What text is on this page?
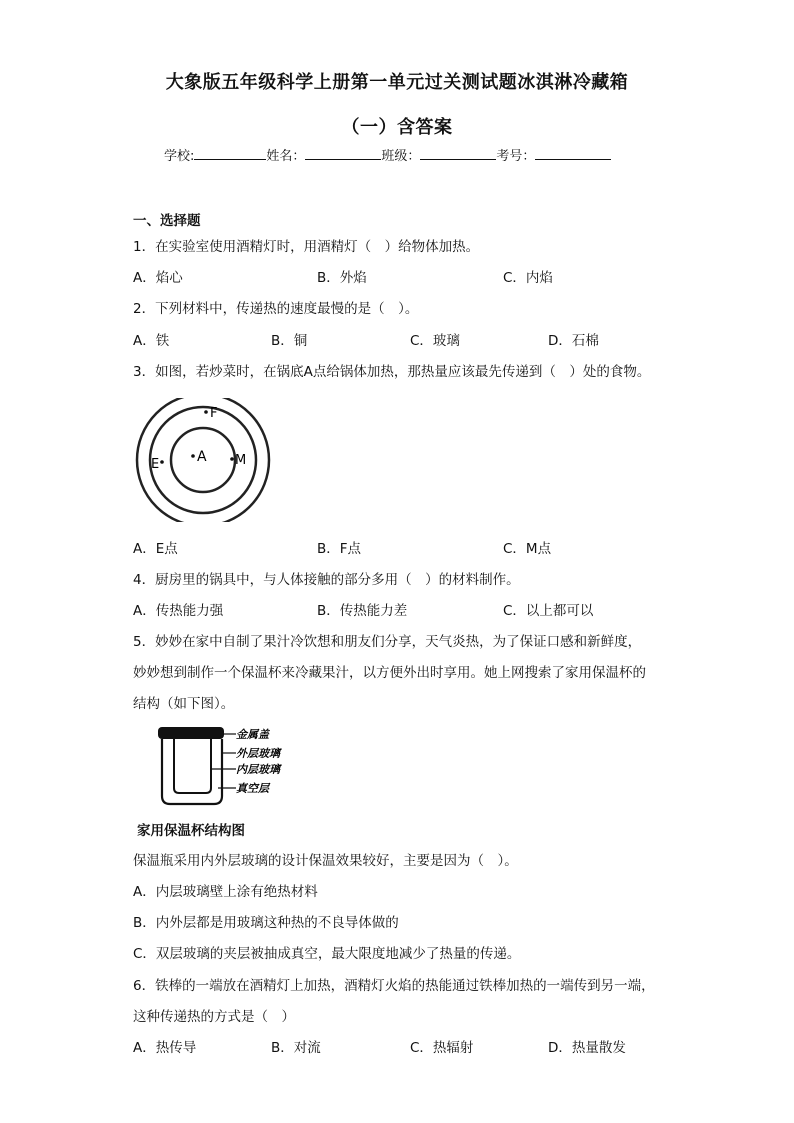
大象版五年级科学上册第一单元过关测试题冰淇淋冷藏箱
（一）含答案
学校:	姓名：	班级：	考号：
一、选择题
1．在实验室使用酒精灯时，用酒精灯（　）给物体加热。
A．焰心	B．外焰	C．内焰
2．下列材料中，传递热的速度最慢的是（　）。
A．铁	B．铜	C．玻璃	D．石棉
3．如图，若炒菜时，在锅底A点给锅体加热，那热量应该最先传递到（　）处的食物。
F
A
E	M
A．E点	B．F点	C．M点
4．厨房里的锅具中，与人体接触的部分多用（　）的材料制作。
A．传热能力强	B．传热能力差	C．以上都可以
5．妙妙在家中自制了果汁冷饮想和朋友们分享，天气炎热，为了保证口感和新鲜度，
妙妙想到制作一个保温杯来冷藏果汁，以方便外出时享用。她上网搜索了家用保温杯的
结构（如下图）。
金属盖
外层玻璃
内层玻璃
真空层
家用保温杯结构图
保温瓶采用内外层玻璃的设计保温效果较好，主要是因为（　）。
A．内层玻璃壁上涂有绝热材料
B．内外层都是用玻璃这种热的不良导体做的
C．双层玻璃的夹层被抽成真空，最大限度地减少了热量的传递。
6．铁棒的一端放在酒精灯上加热，酒精灯火焰的热能通过铁棒加热的一端传到另一端，
这种传递热的方式是（　）
A．热传导	B．对流	C．热辐射	D．热量散发
